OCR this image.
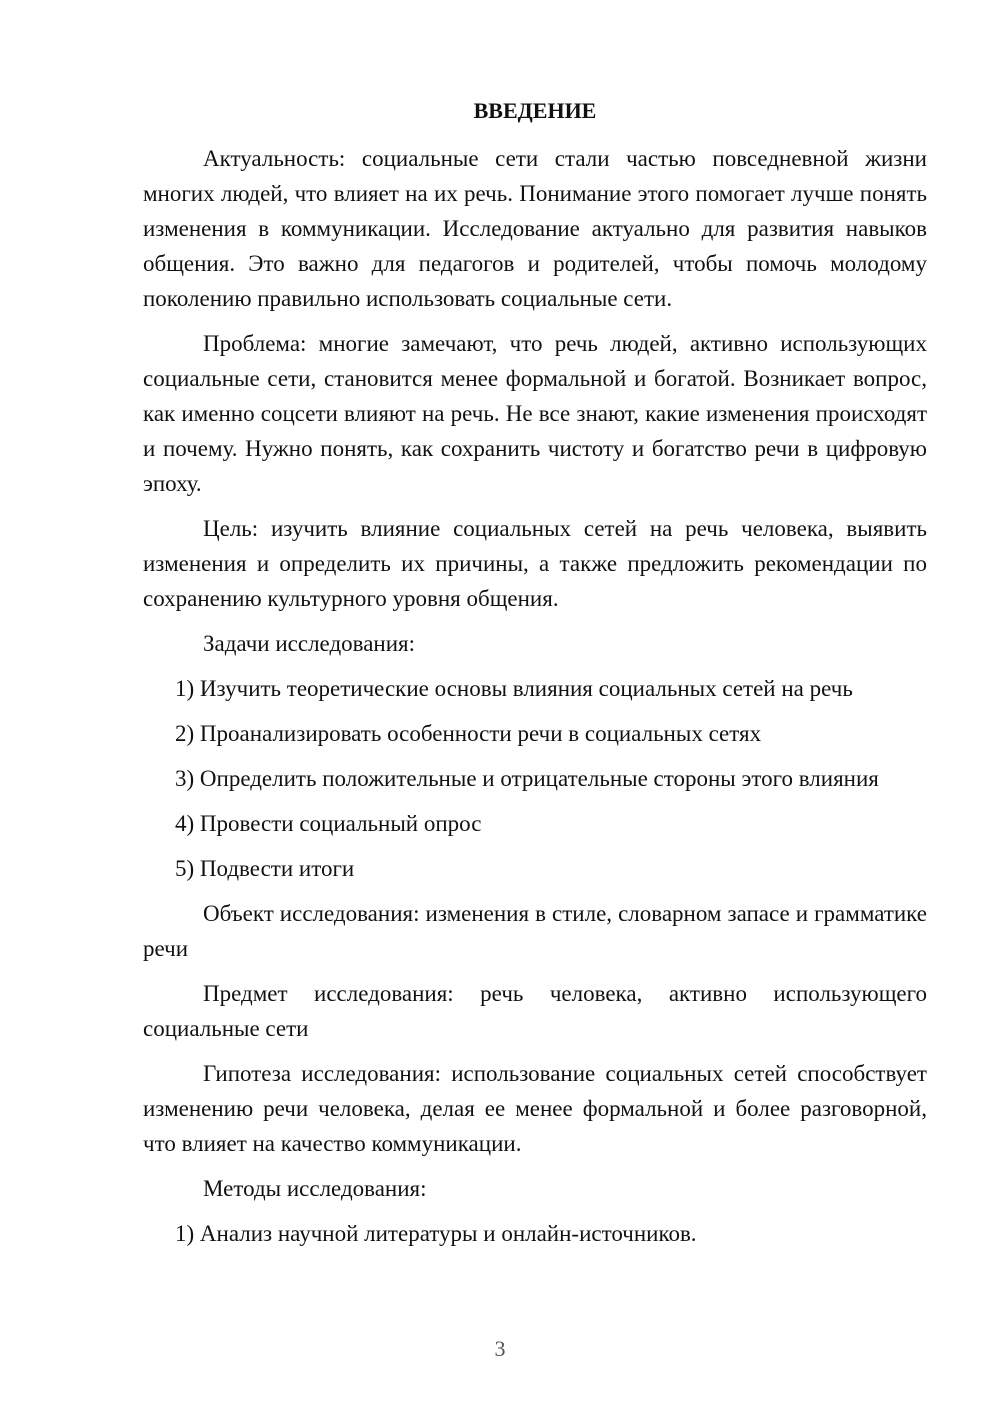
ВВЕДЕНИЕ
Актуальность: социальные сети стали частью повседневной жизни многих людей, что влияет на их речь. Понимание этого помогает лучше понять изменения в коммуникации. Исследование актуально для развития навыков общения. Это важно для педагогов и родителей, чтобы помочь молодому поколению правильно использовать социальные сети.
Проблема: многие замечают, что речь людей, активно использующих социальные сети, становится менее формальной и богатой. Возникает вопрос, как именно соцсети влияют на речь. Не все знают, какие изменения происходят и почему. Нужно понять, как сохранить чистоту и богатство речи в цифровую эпоху.
Цель: изучить влияние социальных сетей на речь человека, выявить изменения и определить их причины, а также предложить рекомендации по сохранению культурного уровня общения.
Задачи исследования:
1) Изучить теоретические основы влияния социальных сетей на речь
2) Проанализировать особенности речи в социальных сетях
3) Определить положительные и отрицательные стороны этого влияния
4) Провести социальный опрос
5) Подвести итоги
Объект исследования: изменения в стиле, словарном запасе и грамматике речи
Предмет исследования: речь человека, активно использующего социальные сети
Гипотеза исследования: использование социальных сетей способствует изменению речи человека, делая ее менее формальной и более разговорной, что влияет на качество коммуникации.
Методы исследования:
1) Анализ научной литературы и онлайн-источников.
3
